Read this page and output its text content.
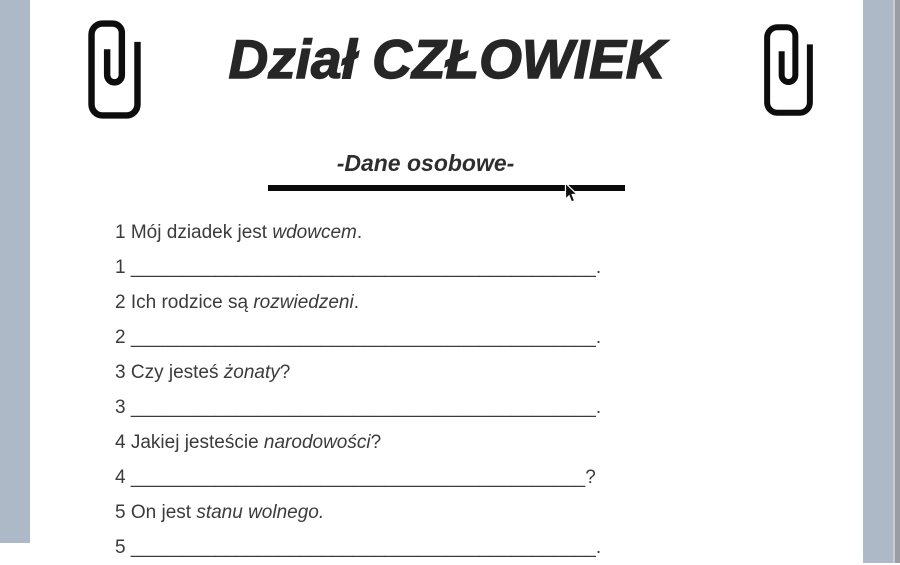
Dział CZŁOWIEK
-Dane osobowe-
1 Mój dziadek jest wdowcem.
1 ____________________________________________.
2 Ich rodzice są rozwiedzeni.
2 ____________________________________________.
3 Czy jesteś żonaty?
3 ____________________________________________.
4 Jakiej jesteście narodowości?
4 ___________________________________________?
5 On jest stanu wolnego.
5 ____________________________________________.
